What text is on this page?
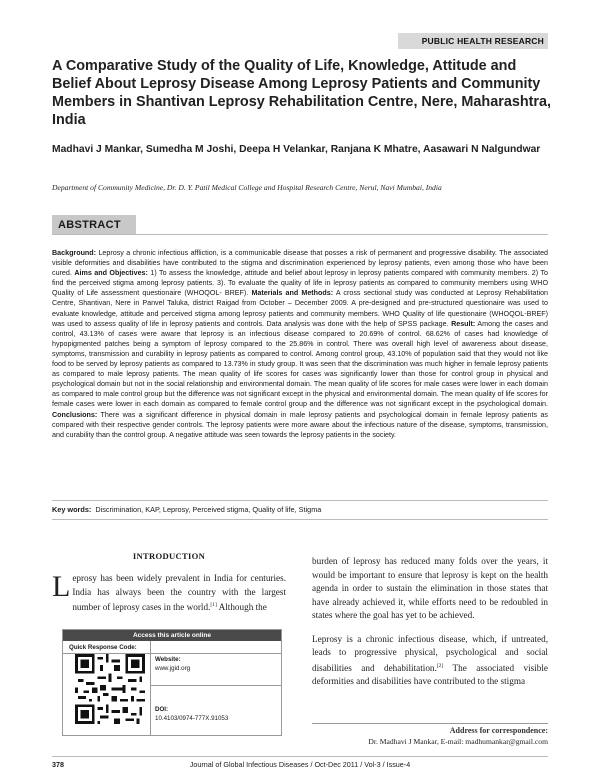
PUBLIC HEALTH RESEARCH
A Comparative Study of the Quality of Life, Knowledge, Attitude and Belief About Leprosy Disease Among Leprosy Patients and Community Members in Shantivan Leprosy Rehabilitation Centre, Nere, Maharashtra, India
Madhavi J Mankar, Sumedha M Joshi, Deepa H Velankar, Ranjana K Mhatre, Aasawari N Nalgundwar
Department of Community Medicine, Dr. D. Y. Patil Medical College and Hospital Research Centre, Nerul, Navi Mumbai, India
ABSTRACT
Background: Leprosy a chronic infectious affliction, is a communicable disease that posses a risk of permanent and progressive disability. The associated visible deformities and disabilities have contributed to the stigma and discrimination experienced by leprosy patients, even among those who have been cured. Aims and Objectives: 1) To assess the knowledge, attitude and belief about leprosy in leprosy patients compared with community members. 2) To find the perceived stigma among leprosy patients. 3). To evaluate the quality of life in leprosy patients as compared to community members using WHO Quality of Life assessment questionaire (WHOQOL- BREF). Materials and Methods: A cross sectional study was conducted at Leprosy Rehabilitation Centre, Shantivan, Nere in Panvel Taluka, district Raigad from October – December 2009. A pre-designed and pre-structured questionaire was used to evaluate knowledge, attitude and perceived stigma among leprosy patients and community members. WHO Quality of life questionaire (WHOQOL-BREF) was used to assess quality of life in leprosy patients and controls. Data analysis was done with the help of SPSS package. Result: Among the cases and control, 43.13% of cases were aware that leprosy is an infectious disease compared to 20.69% of control. 68.62% of cases had knowledge of hypopigmented patches being a symptom of leprosy compared to the 25.86% in control. There was overall high level of awareness about disease, symptoms, transmission and curability in leprosy patients as compared to control. Among control group, 43.10% of population said that they would not like food to be served by leprosy patients as compared to 13.73% in study group. It was seen that the discrimination was much higher in female leprosy patients as compared to male leprosy patients. The mean quality of life scores for cases was significantly lower than those for control group in physical and psychological domain but not in the social relationship and environmental domain. The mean quality of life scores for male cases were lower in each domain as compared to male control group but the difference was not significant except in the physical and environmental domain. The mean quality of life scores for female cases were lower in each domain as compared to female control group and the difference was not significant except in the psychological domain. Conclusions: There was a significant difference in physical domain in male leprosy patients and psychological domain in female leprosy patients as compared with their respective gender controls. The leprosy patients were more aware about the infectious nature of the disease, symptoms, transmission, and curability than the control group. A negative attitude was seen towards the leprosy patients in the society.
Key words: Discrimination, KAP, Leprosy, Perceived stigma, Quality of life, Stigma
INTRODUCTION
Leprosy has been widely prevalent in India for centuries. India has always been the country with the largest number of leprosy cases in the world.[1] Although the
Access this article online
Quick Response Code:
Website:
www.jgid.org
DOI:
10.4103/0974-777X.91053

burden of leprosy has reduced many folds over the years, it would be important to ensure that leprosy is kept on the health agenda in order to sustain the elimination in those states that have already achieved it, while efforts need to be redoubled in states where the goal has yet to be achieved.

Leprosy is a chronic infectious disease, which, if untreated, leads to progressive physical, psychological and social disabilities and dehabilitation.[2] The associated visible deformities and disabilities have contributed to the stigma

Address for correspondence:
Dr. Madhavi J Mankar, E-mail: madhumankar@gmail.com
378	Journal of Global Infectious Diseases / Oct-Dec 2011 / Vol-3 / Issue-4
